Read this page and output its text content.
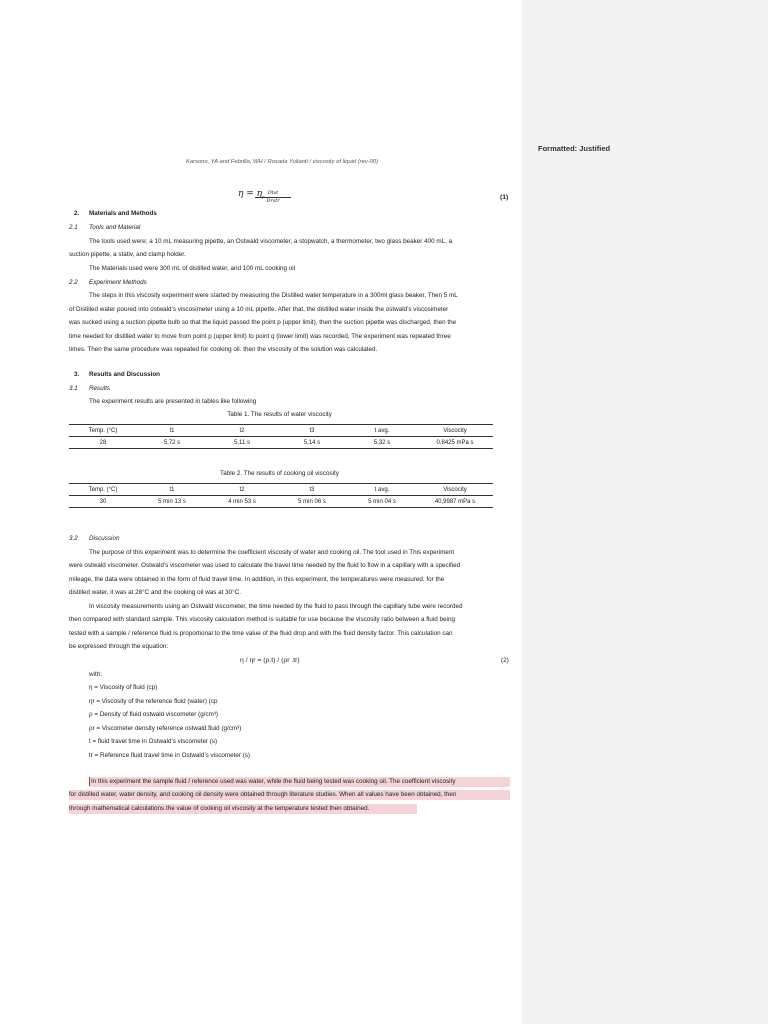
Karsono, YA and Febrilla, WH / Rosada Yulianti / viscosity of liquid (rev-00)
$\eta = \eta_r$
Dtst
Drstr	(1)
2. Materials and Methods
2.1 Tools and Material
The tools used were; a 10 mL measuring pipette, an Ostwald viscometer, a stopwatch, a thermometer, two glass beaker 400 mL, a
suction pipette, a stativ, and clamp holder.
The Materials used were 300 mL of distilled water, and 100 mL cooking oil
2.2 Experiment Methods
The steps in this viscosity experiment were started by measuring the Distilled water temperature in a 300ml glass beaker, Then 5 mL
of Distilled water poured into ostwald’s viscosimeter using a 10 mL pipette. After that, the distilled water inside the ostwald’s viscosimeter
was sucked using a suction pipette bulb so that the liquid passed the point p (upper limit), then the suction pipette was discharged, then the
time needed for distilled water to move from point p (upper limit) to point q (lower limit) was recorded, The experiment was repeated three
times. Then the same procedure was repeated for cooking oil. then the viscosity of the solution was calculated.
3. Results and Discussion
3.1 Results
The experiment results are presented in tables like following
Table 1. The results of water viscocity
Temp. (°C)	t1	t2	t3	t avg.	Viscocity
28	5,72 s	5,11 s	5,14 s	5,32 s	0.8425 mPa s
Table 2. The results of cooking oil viscosity
Temp. (°C)	t1	t2	t3	t avg.	Viscocity
30	5 min 13 s	4 min 53 s	5 min 06 s	5 min 04 s	40,9987 mPa s
3.2 Discussion
The purpose of this experiment was to determine the coefficient viscosity of water and cooking oil. The tool used in This experiment
were ostwald viscometer. Ostwald’s viscometer was used to calculate the travel time needed by the fluid to flow in a capillary with a specified
mileage, the data were obtained in the form of fluid travel time. In addition, in this experiment, the temperatures were measured. for the
distilled water, it was at 28°C and the cooking oil was at 30°C.
In viscosity measurements using an Ostwald viscometer, the time needed by the fluid to pass through the capillary tube were recorded
then compared with standard sample. This viscosity calculation method is suitable for use because the viscosity ratio between a fluid being
tested with a sample / reference fluid is proportional to the time value of the fluid drop and with the fluid density factor. This calculation can
be expressed through the equation:
η / ηr = (ρ.t) / (ρr .tr)	(2)
with:
η = Viscosity of fluid (cp)
ηr = Viscosity of the reference fluid (water) (cp
ρ = Density of fluid ostwald viscometer (g/cm³)
ρr = Viscometer density reference ostwald fluid (g/cm³)
t = fluid travel time in Ostwald’s viscometer (s)
tr = Reference fluid travel time in Ostwald’s viscometer (s)
In this experiment the sample fluid / reference used was water, while the fluid being tested was cooking oil. The coefficient viscosity
for distilled water, water density, and cooking oil density were obtained through literature studies. When all values have been obtained, then
through mathematical calculations the value of cooking oil viscosity at the temperature tested then obtained.
Formatted: Justified
